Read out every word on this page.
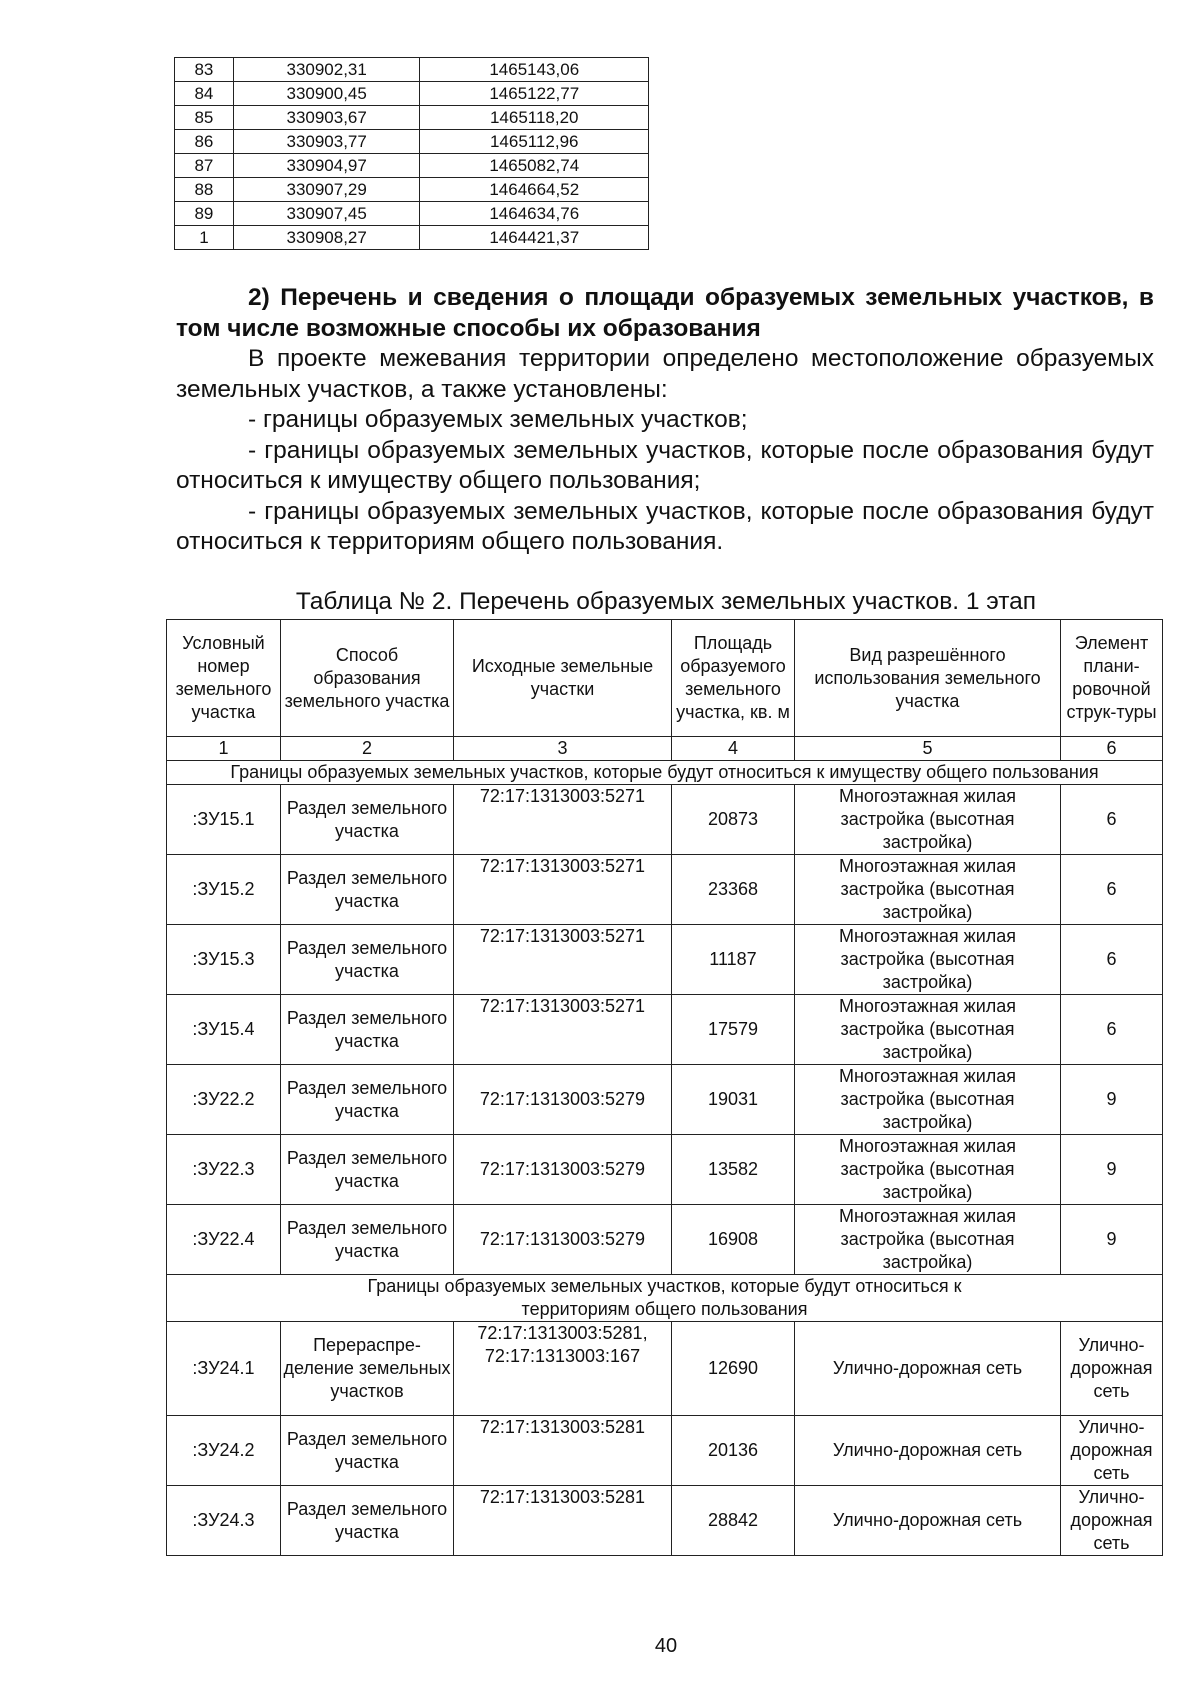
83	330902,31	1465143,06
84	330900,45	1465122,77
85	330903,67	1465118,20
86	330903,77	1465112,96
87	330904,97	1465082,74
88	330907,29	1464664,52
89	330907,45	1464634,76
1	330908,27	1464421,37

2) Перечень и сведения о площади образуемых земельных участков, в том числе возможные способы их образования

В проекте межевания территории определено местоположение образуемых земельных участков, а также установлены:

- границы образуемых земельных участков;

- границы образуемых земельных участков, которые после образования будут относиться к имуществу общего пользования;

- границы образуемых земельных участков, которые после образования будут относиться к территориям общего пользования.

Таблица № 2. Перечень образуемых земельных участков. 1 этап
Условный номер земельного участка	Способ образования земельного участка	Исходные земельные участки	Площадь образуемого земельного участка, кв. м	Вид разрешённого использования земельного участка	Элемент плани-ровочной струк-туры
1	2	3	4	5	6
Границы образуемых земельных участков, которые будут относиться к имуществу общего пользования					
:ЗУ15.1	Раздел земельного участка	72:17:1313003:5271	20873	Многоэтажная жилая застройка (высотная застройка)	6
:ЗУ15.2	Раздел земельного участка	72:17:1313003:5271	23368	Многоэтажная жилая застройка (высотная застройка)	6
:ЗУ15.3	Раздел земельного участка	72:17:1313003:5271	11187	Многоэтажная жилая застройка (высотная застройка)	6
:ЗУ15.4	Раздел земельного участка	72:17:1313003:5271	17579	Многоэтажная жилая застройка (высотная застройка)	6
:ЗУ22.2	Раздел земельного участка	72:17:1313003:5279	19031	Многоэтажная жилая застройка (высотная застройка)	9
:ЗУ22.3	Раздел земельного участка	72:17:1313003:5279	13582	Многоэтажная жилая застройка (высотная застройка)	9
:ЗУ22.4	Раздел земельного участка	72:17:1313003:5279	16908	Многоэтажная жилая застройка (высотная застройка)	9
Границы образуемых земельных участков, которые будут относиться к территориям общего пользования					
:ЗУ24.1	Перераспре-деление земельных участков	72:17:1313003:5281, 72:17:1313003:167	12690	Улично-дорожная сеть	Улично-дорожная сеть
:ЗУ24.2	Раздел земельного участка	72:17:1313003:5281	20136	Улично-дорожная сеть	Улично-дорожная сеть
:ЗУ24.3	Раздел земельного участка	72:17:1313003:5281	28842	Улично-дорожная сеть	Улично-дорожная сеть
40
